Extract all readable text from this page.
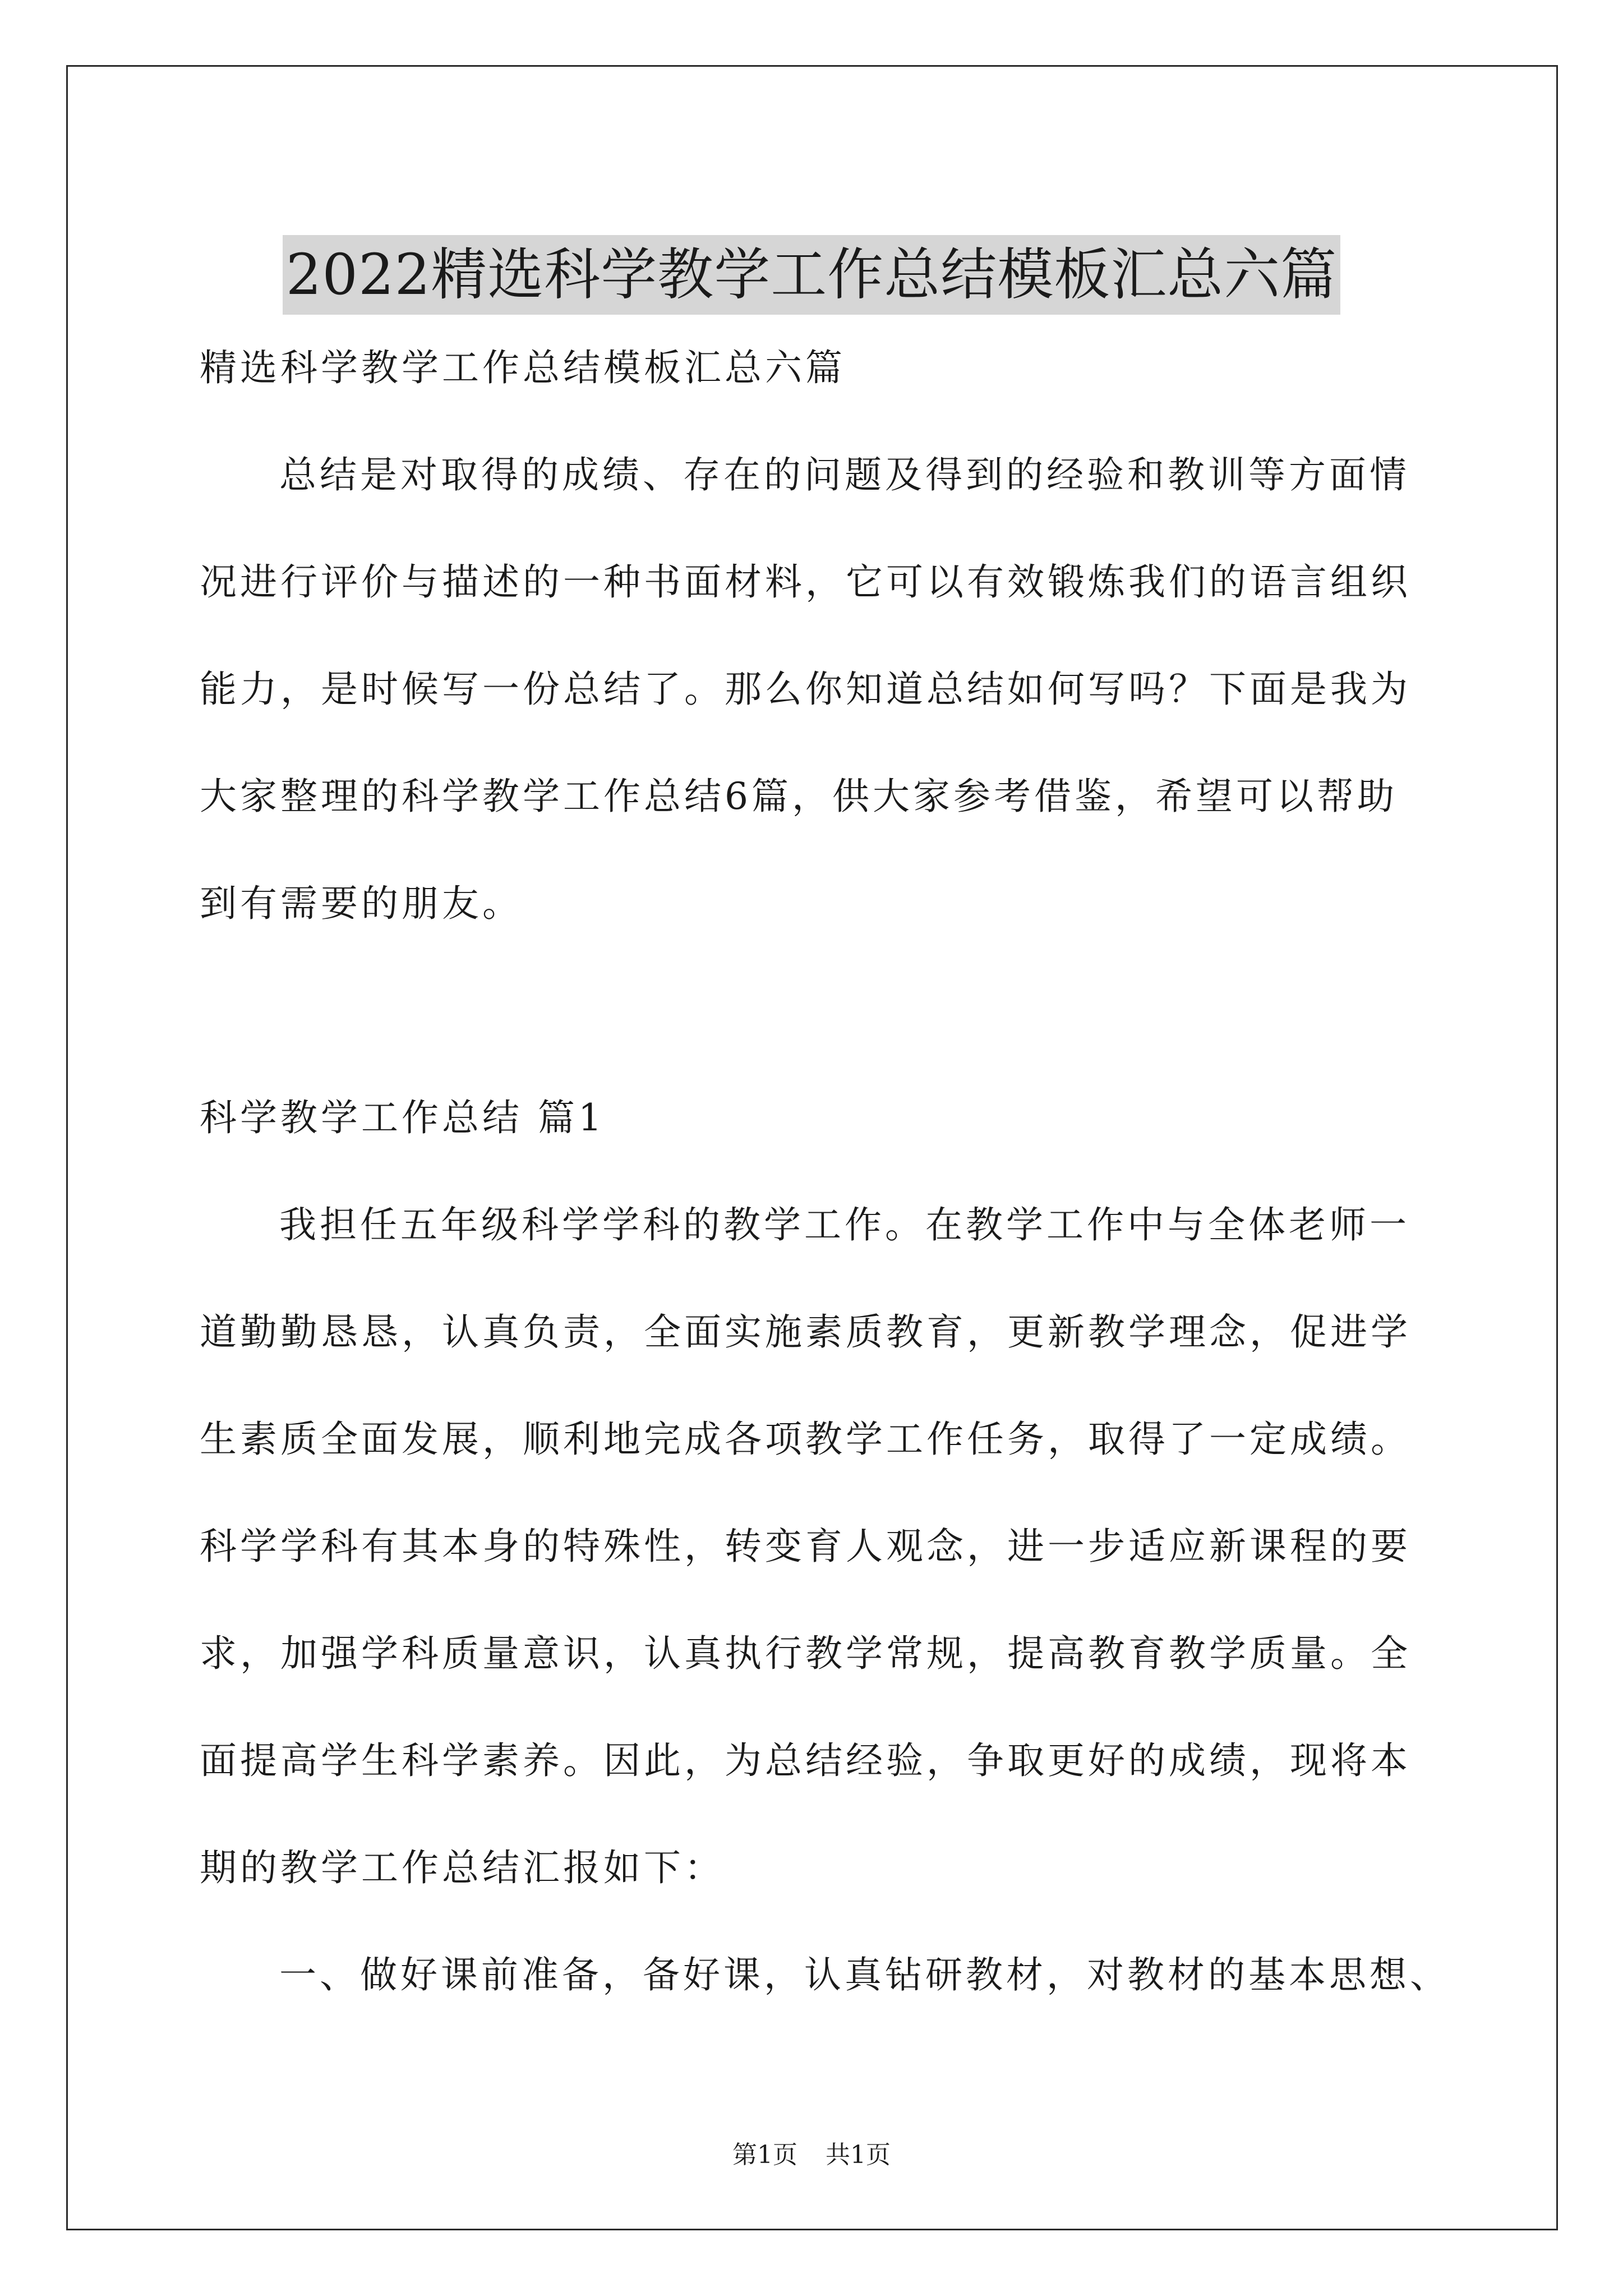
2022精选科学教学工作总结模板汇总六篇
精选科学教学工作总结模板汇总六篇
总结是对取得的成绩、存在的问题及得到的经验和教训等方面情
况进行评价与描述的一种书面材料，它可以有效锻炼我们的语言组织
能力，是时候写一份总结了。那么你知道总结如何写吗？下面是我为
大家整理的科学教学工作总结6篇，供大家参考借鉴，希望可以帮助
到有需要的朋友。
科学教学工作总结 篇1
我担任五年级科学学科的教学工作。在教学工作中与全体老师一
道勤勤恳恳，认真负责，全面实施素质教育，更新教学理念，促进学
生素质全面发展，顺利地完成各项教学工作任务，取得了一定成绩。
科学学科有其本身的特殊性，转变育人观念，进一步适应新课程的要
求，加强学科质量意识，认真执行教学常规，提高教育教学质量。全
面提高学生科学素养。因此，为总结经验，争取更好的成绩，现将本
期的教学工作总结汇报如下：
一、做好课前准备，备好课，认真钻研教材，对教材的基本思想、
第1页 共1页
